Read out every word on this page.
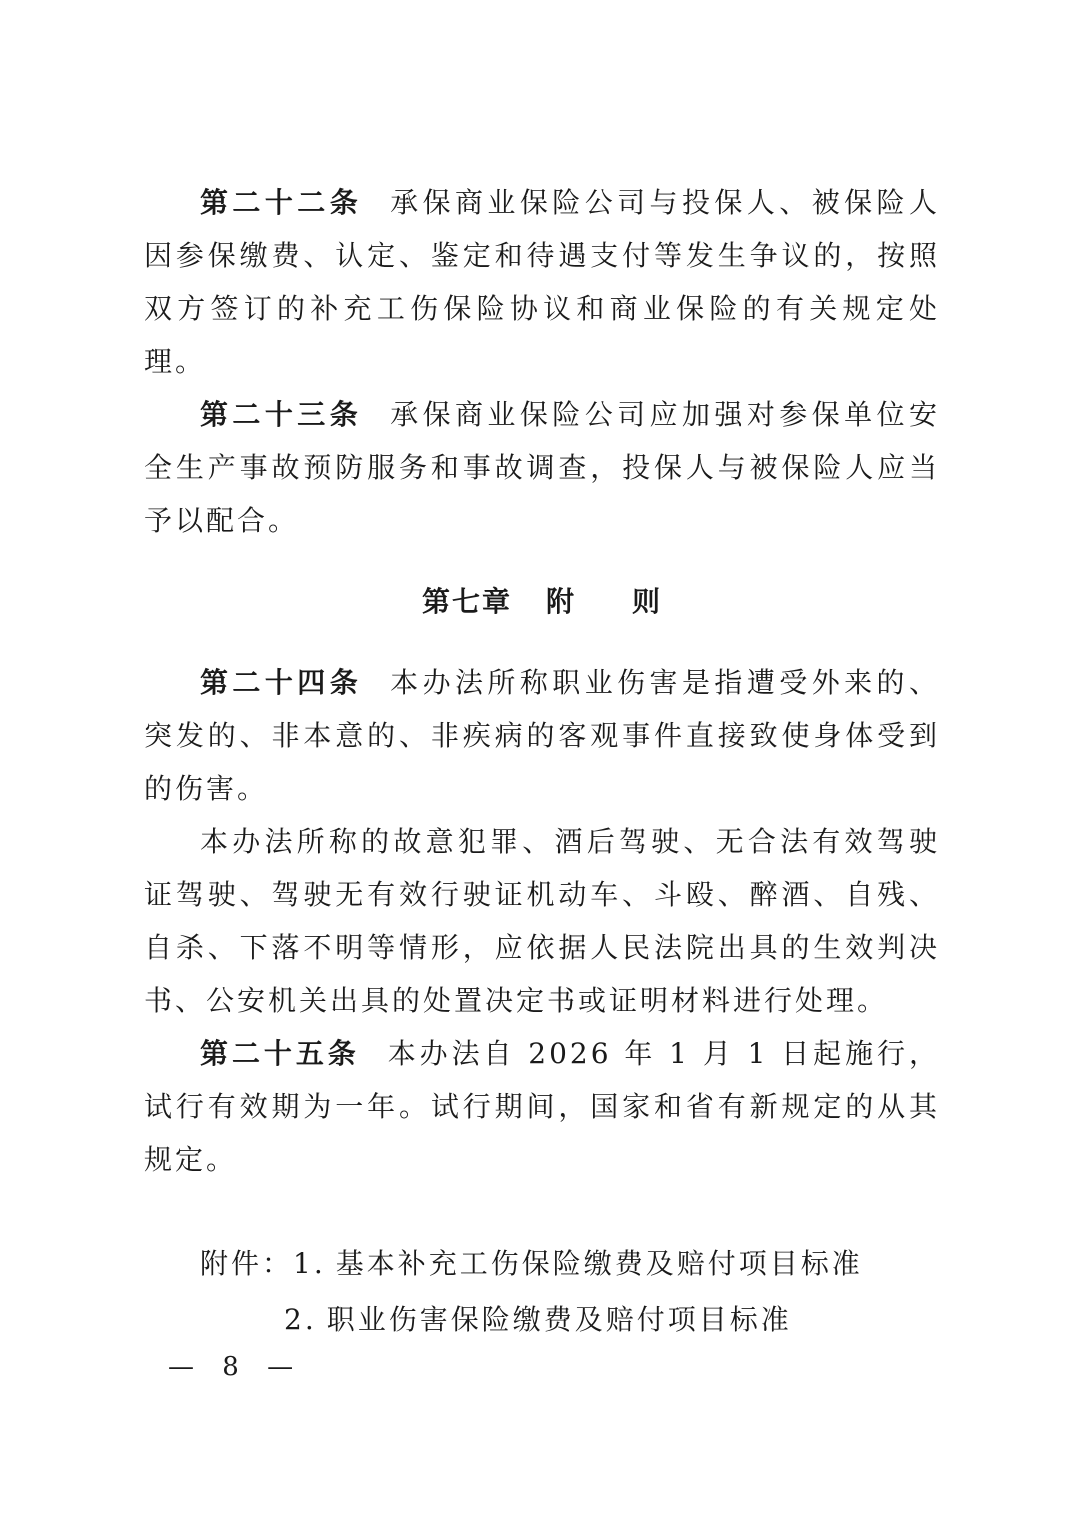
第二十二条 承保商业保险公司与投保人、被保险人因参保缴费、认定、鉴定和待遇支付等发生争议的，按照双方签订的补充工伤保险协议和商业保险的有关规定处理。

第二十三条 承保商业保险公司应加强对参保单位安全生产事故预防服务和事故调查，投保人与被保险人应当予以配合。

第七章 附 则

第二十四条 本办法所称职业伤害是指遭受外来的、突发的、非本意的、非疾病的客观事件直接致使身体受到的伤害。

本办法所称的故意犯罪、酒后驾驶、无合法有效驾驶证驾驶、驾驶无有效行驶证机动车、斗殴、醉酒、自残、自杀、下落不明等情形，应依据人民法院出具的生效判决书、公安机关出具的处置决定书或证明材料进行处理。

第二十五条 本办法自 2026 年 1 月 1 日起施行，试行有效期为一年。试行期间，国家和省有新规定的从其规定。

附件：1. 基本补充工伤保险缴费及赔付项目标准
2. 职业伤害保险缴费及赔付项目标准
— 8 —
